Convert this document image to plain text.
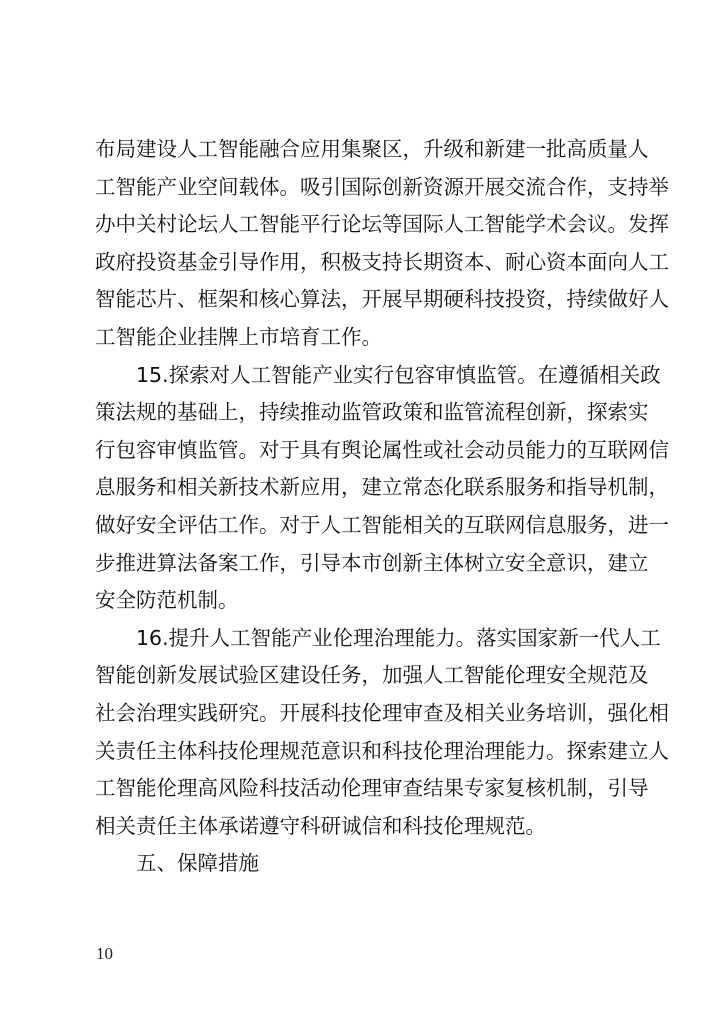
布局建设人工智能融合应用集聚区，升级和新建一批高质量人
工智能产业空间载体。吸引国际创新资源开展交流合作，支持举
办中关村论坛人工智能平行论坛等国际人工智能学术会议。发挥
政府投资基金引导作用，积极支持长期资本、耐心资本面向人工
智能芯片、框架和核心算法，开展早期硬科技投资，持续做好人
工智能企业挂牌上市培育工作。
15.探索对人工智能产业实行包容审慎监管。在遵循相关政
策法规的基础上，持续推动监管政策和监管流程创新，探索实
行包容审慎监管。对于具有舆论属性或社会动员能力的互联网信
息服务和相关新技术新应用，建立常态化联系服务和指导机制，
做好安全评估工作。对于人工智能相关的互联网信息服务，进一
步推进算法备案工作，引导本市创新主体树立安全意识，建立
安全防范机制。
16.提升人工智能产业伦理治理能力。落实国家新一代人工
智能创新发展试验区建设任务，加强人工智能伦理安全规范及
社会治理实践研究。开展科技伦理审查及相关业务培训，强化相
关责任主体科技伦理规范意识和科技伦理治理能力。探索建立人
工智能伦理高风险科技活动伦理审查结果专家复核机制，引导
相关责任主体承诺遵守科研诚信和科技伦理规范。
五、保障措施
10
